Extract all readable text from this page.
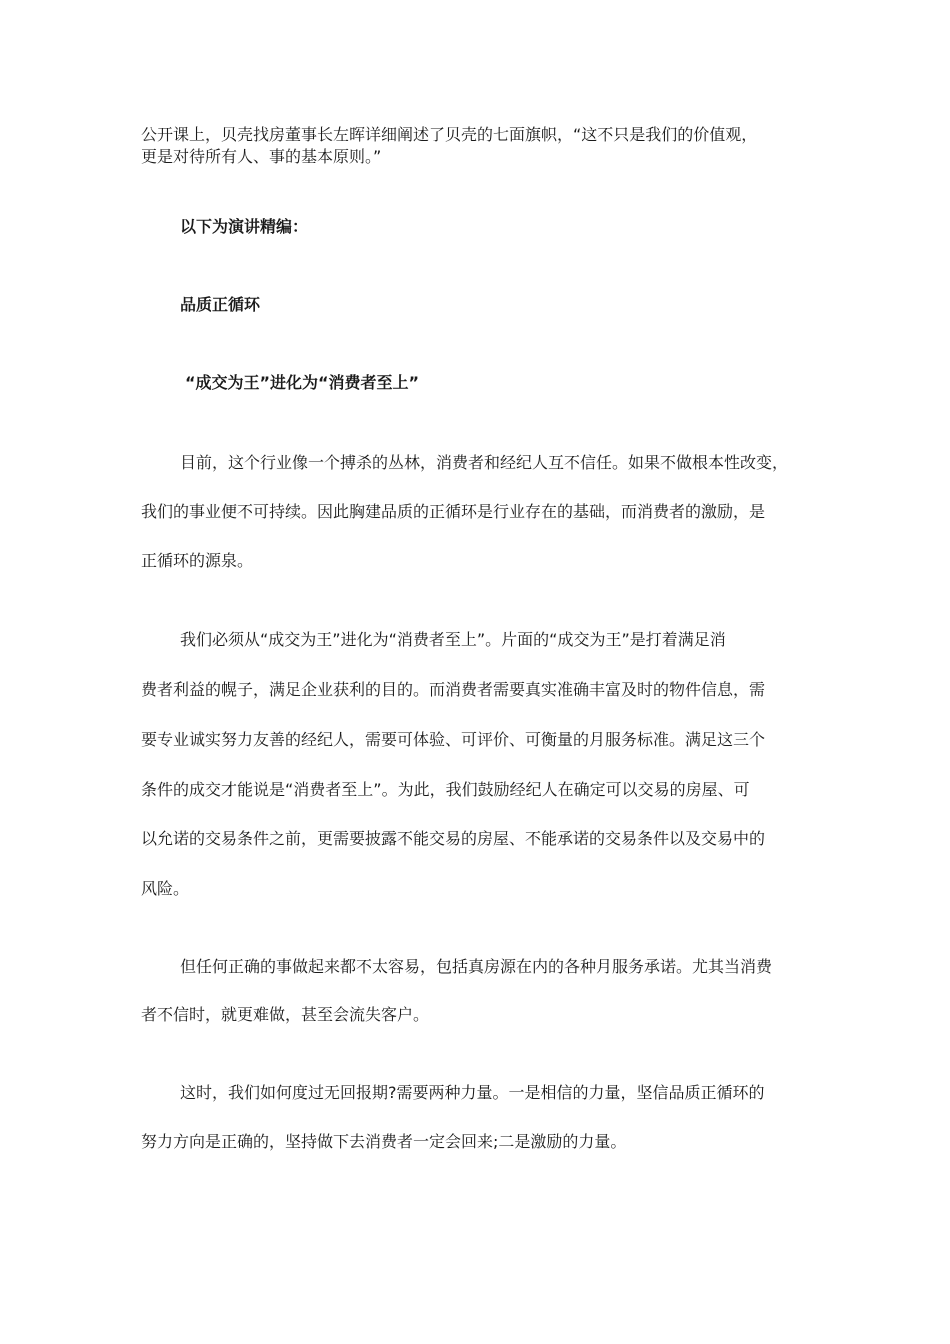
公开课上，贝壳找房董事长左晖详细阐述了贝壳的七面旗帜，“这不只是我们的价值观，
更是对待所有人、事的基本原则。”

以下为演讲精编：

品质正循环

“成交为王”进化为“消费者至上”

目前，这个行业像一个搏杀的丛林，消费者和经纪人互不信任。如果不做根本性改变，

我们的事业便不可持续。因此胸建品质的正循环是行业存在的基础，而消费者的激励，是

正循环的源泉。

我们必须从“成交为王”进化为“消费者至上”。片面的“成交为王”是打着满足消

费者利益的幌子，满足企业获利的目的。而消费者需要真实准确丰富及时的物件信息，需

要专业诚实努力友善的经纪人，需要可体验、可评价、可衡量的月服务标准。满足这三个

条件的成交才能说是“消费者至上”。为此，我们鼓励经纪人在确定可以交易的房屋、可

以允诺的交易条件之前，更需要披露不能交易的房屋、不能承诺的交易条件以及交易中的

风险。

但任何正确的事做起来都不太容易，包括真房源在内的各种月服务承诺。尤其当消费

者不信时，就更难做，甚至会流失客户。

这时，我们如何度过无回报期?需要两种力量。一是相信的力量，坚信品质正循环的

努力方向是正确的，坚持做下去消费者一定会回来;二是激励的力量。
